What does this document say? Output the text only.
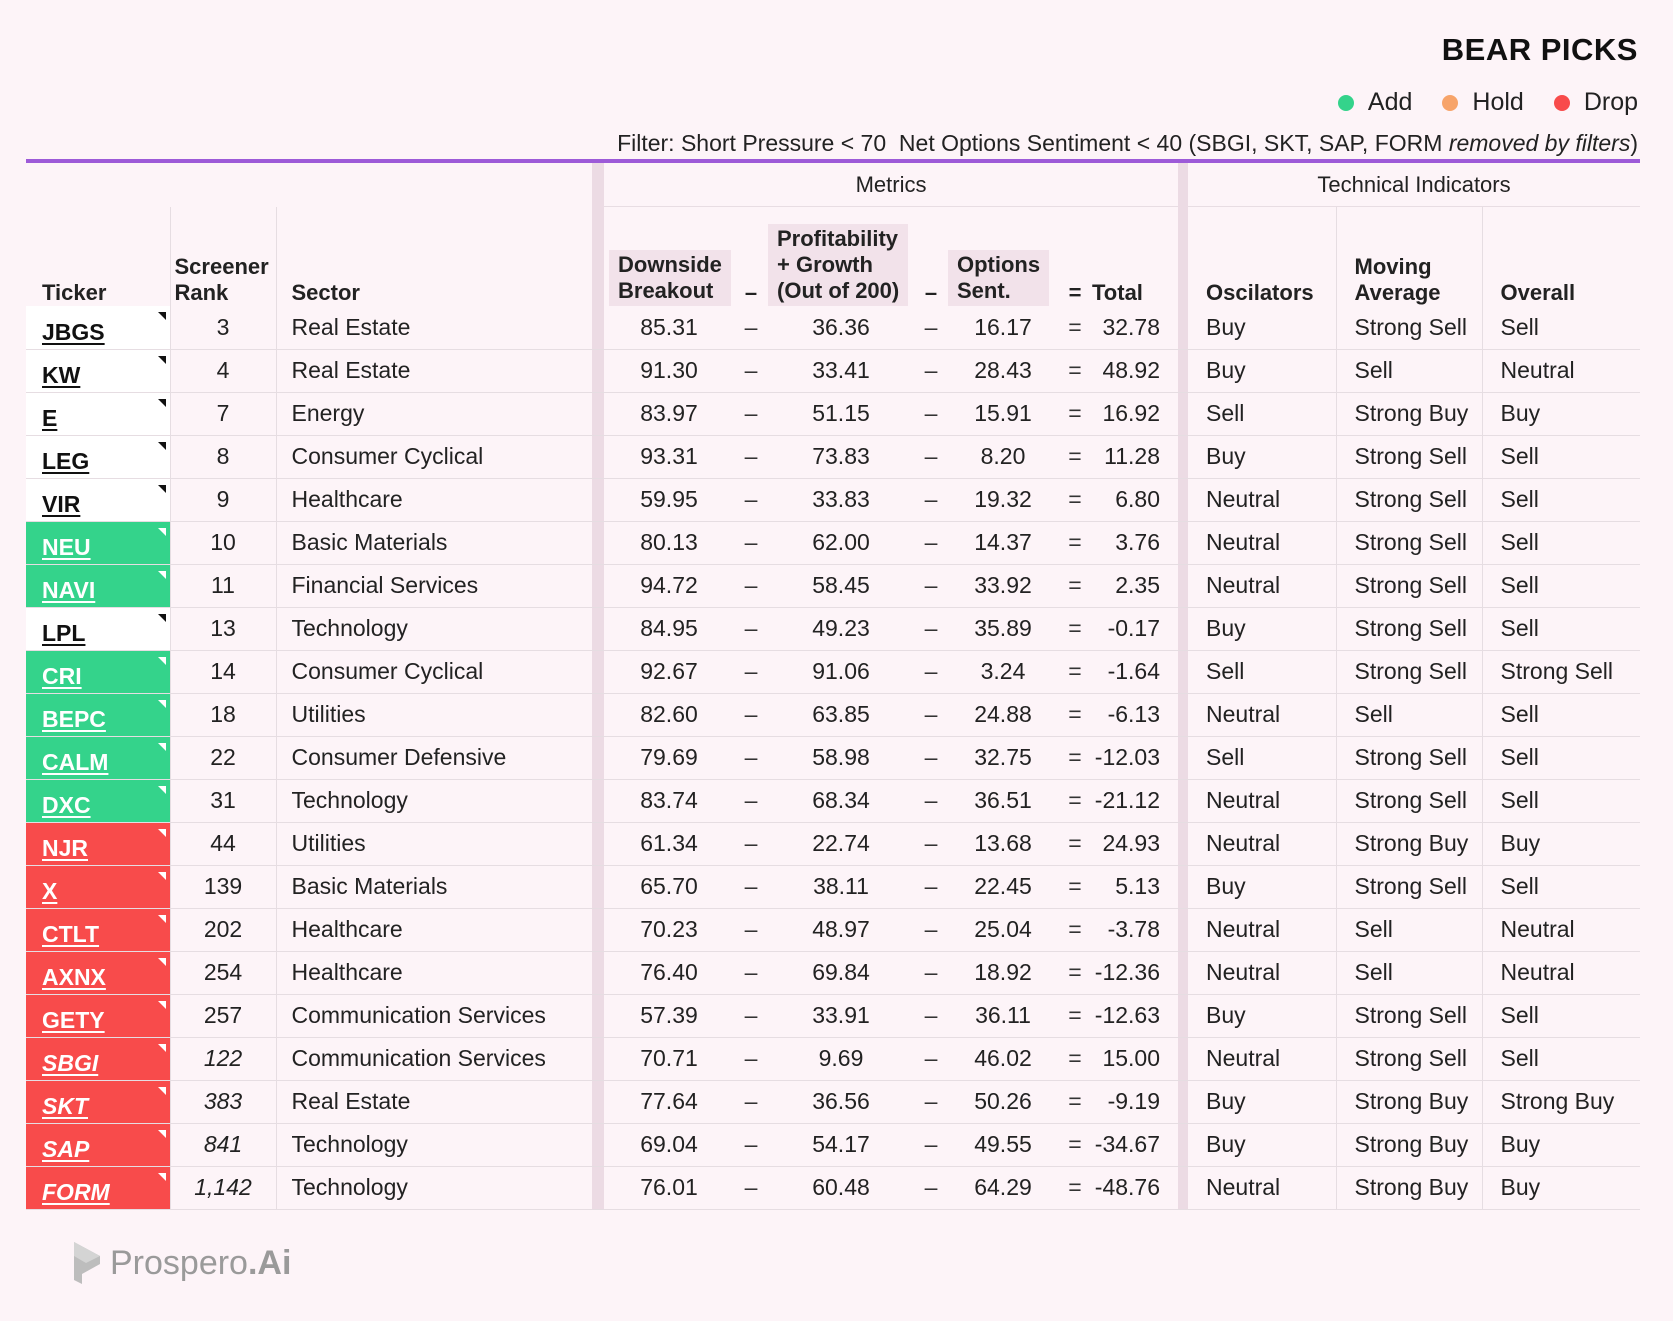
BEAR PICKS
Add Hold Drop
Filter: Short Pressure < 70  Net Options Sentiment < 40 (SBGI, SKT, SAP, FORM removed by filters)
				Metrics								Technical Indicators		
Ticker	Screener
Rank	Sector		Downside
Breakout	–	Profitability
+ Growth
(Out of 200)	–	Options
Sent.	=	Total		Oscilators	Moving
Average	Overall
JBGS	3	Real Estate		85.31	–	36.36	–	16.17	=	32.78		Buy	Strong Sell	Sell
KW	4	Real Estate		91.30	–	33.41	–	28.43	=	48.92		Buy	Sell	Neutral
E	7	Energy		83.97	–	51.15	–	15.91	=	16.92		Sell	Strong Buy	Buy
LEG	8	Consumer Cyclical		93.31	–	73.83	–	8.20	=	11.28		Buy	Strong Sell	Sell
VIR	9	Healthcare		59.95	–	33.83	–	19.32	=	6.80		Neutral	Strong Sell	Sell
NEU	10	Basic Materials		80.13	–	62.00	–	14.37	=	3.76		Neutral	Strong Sell	Sell
NAVI	11	Financial Services		94.72	–	58.45	–	33.92	=	2.35		Neutral	Strong Sell	Sell
LPL	13	Technology		84.95	–	49.23	–	35.89	=	-0.17		Buy	Strong Sell	Sell
CRI	14	Consumer Cyclical		92.67	–	91.06	–	3.24	=	-1.64		Sell	Strong Sell	Strong Sell
BEPC	18	Utilities		82.60	–	63.85	–	24.88	=	-6.13		Neutral	Sell	Sell
CALM	22	Consumer Defensive		79.69	–	58.98	–	32.75	=	-12.03		Sell	Strong Sell	Sell
DXC	31	Technology		83.74	–	68.34	–	36.51	=	-21.12		Neutral	Strong Sell	Sell
NJR	44	Utilities		61.34	–	22.74	–	13.68	=	24.93		Neutral	Strong Buy	Buy
X	139	Basic Materials		65.70	–	38.11	–	22.45	=	5.13		Buy	Strong Sell	Sell
CTLT	202	Healthcare		70.23	–	48.97	–	25.04	=	-3.78		Neutral	Sell	Neutral
AXNX	254	Healthcare		76.40	–	69.84	–	18.92	=	-12.36		Neutral	Sell	Neutral
GETY	257	Communication Services		57.39	–	33.91	–	36.11	=	-12.63		Buy	Strong Sell	Sell
SBGI	122	Communication Services		70.71	–	9.69	–	46.02	=	15.00		Neutral	Strong Sell	Sell
SKT	383	Real Estate		77.64	–	36.56	–	50.26	=	-9.19		Buy	Strong Buy	Strong Buy
SAP	841	Technology		69.04	–	54.17	–	49.55	=	-34.67		Buy	Strong Buy	Buy
FORM	1,142	Technology		76.01	–	60.48	–	64.29	=	-48.76		Neutral	Strong Buy	Buy
Prospero .Ai
